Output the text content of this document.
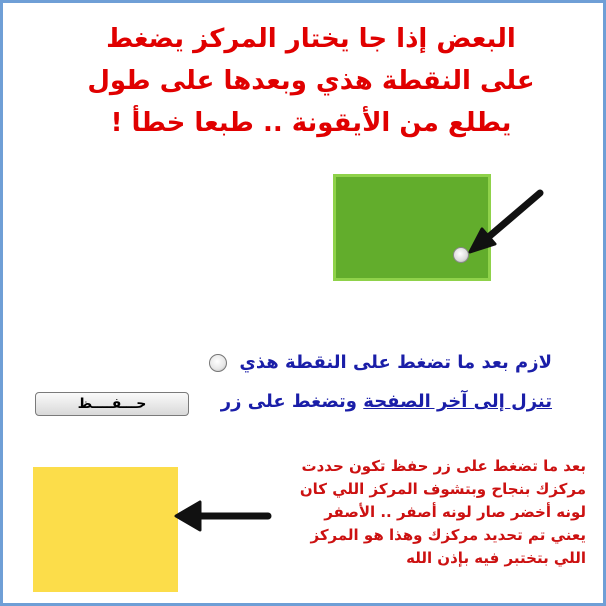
البعض إذا جا يختار المركز يضغط
على النقطة هذي وبعدها على طول
يطلع من الأيقونة .. طبعا خطأ !
لازم بعد ما تضغط على النقطة هذي
تنزل إلى آخر الصفحة وتضغط على زر
حـــفــــظ
بعد ما تضغط على زر حفظ تكون حددت
مركزك بنجاح وبتشوف المركز اللي كان
لونه أخضر صار لونه أصفر .. الأصفر
يعني تم تحديد مركزك وهذا هو المركز
اللي بتختبر فيه بإذن الله
